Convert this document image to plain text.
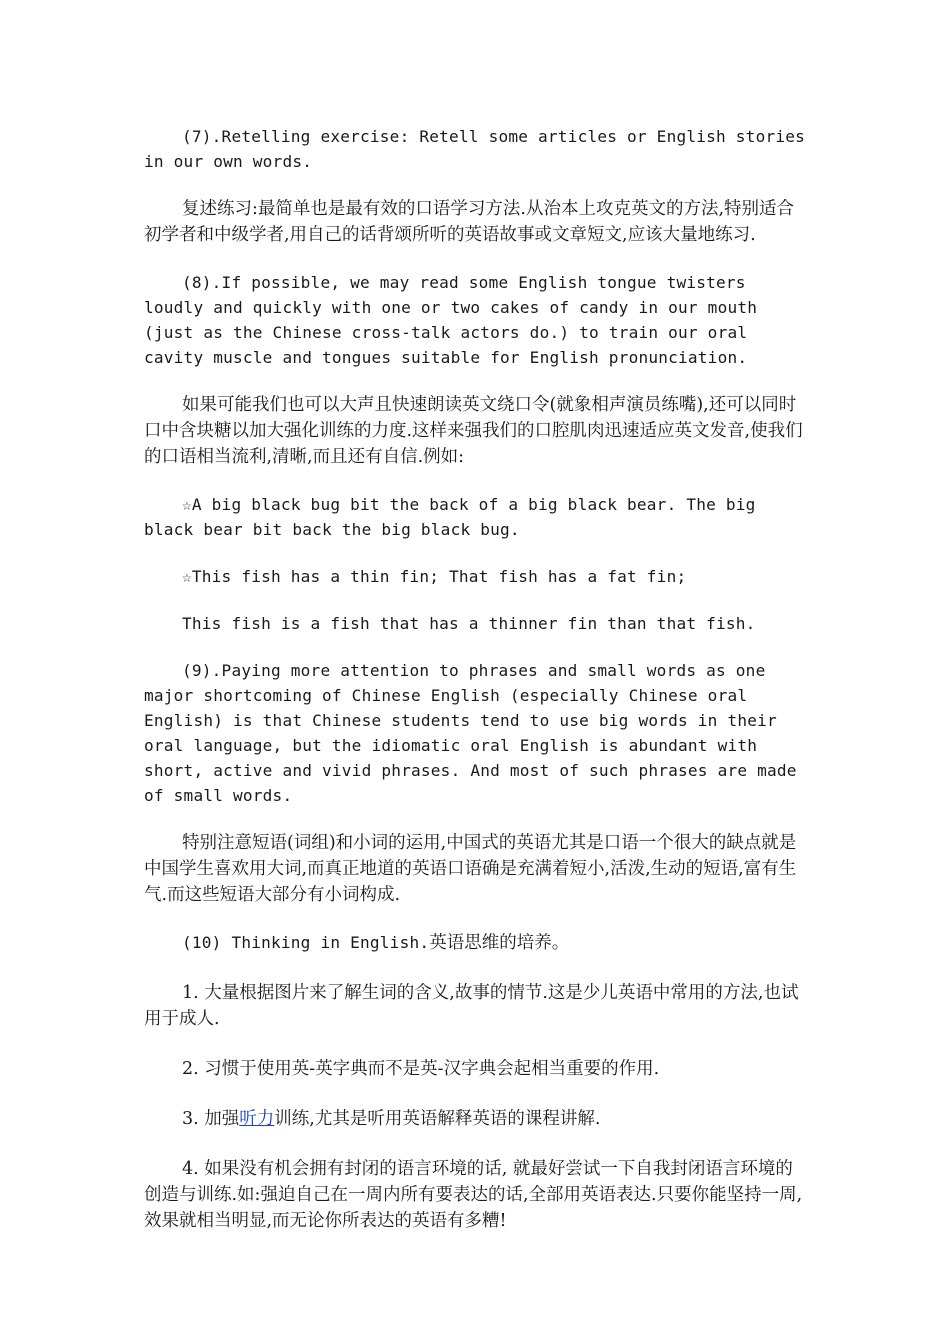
(7).Retelling exercise: Retell some articles or English stories in our own words.

复述练习:最简单也是最有效的口语学习方法.从治本上攻克英文的方法,特别适合初学者和中级学者,用自己的话背颂所听的英语故事或文章短文,应该大量地练习.

(8).If possible, we may read some English tongue twisters loudly and quickly with one or two cakes of candy in our mouth (just as the Chinese cross-talk actors do.) to train our oral cavity muscle and tongues suitable for English pronunciation.

如果可能我们也可以大声且快速朗读英文绕口令(就象相声演员练嘴),还可以同时口中含块糖以加大强化训练的力度.这样来强我们的口腔肌肉迅速适应英文发音,使我们的口语相当流利,清晰,而且还有自信.例如:

☆A big black bug bit the back of a big black bear. The big black bear bit back the big black bug.

☆This fish has a thin fin; That fish has a fat fin;

This fish is a fish that has a thinner fin than that fish.

(9).Paying more attention to phrases and small words as one major shortcoming of Chinese English (especially Chinese oral English) is that Chinese students tend to use big words in their oral language, but the idiomatic oral English is abundant with short, active and vivid phrases. And most of such phrases are made of small words.

特别注意短语(词组)和小词的运用,中国式的英语尤其是口语一个很大的缺点就是中国学生喜欢用大词,而真正地道的英语口语确是充满着短小,活泼,生动的短语,富有生气.而这些短语大部分有小词构成.

(10) Thinking in English.英语思维的培养。

1. 大量根据图片来了解生词的含义,故事的情节.这是少儿英语中常用的方法,也试用于成人.

2. 习惯于使用英-英字典而不是英-汉字典会起相当重要的作用.

3. 加强听力训练,尤其是听用英语解释英语的课程讲解.

4. 如果没有机会拥有封闭的语言环境的话, 就最好尝试一下自我封闭语言环境的创造与训练.如:强迫自己在一周内所有要表达的话,全部用英语表达.只要你能坚持一周,效果就相当明显,而无论你所表达的英语有多糟!
